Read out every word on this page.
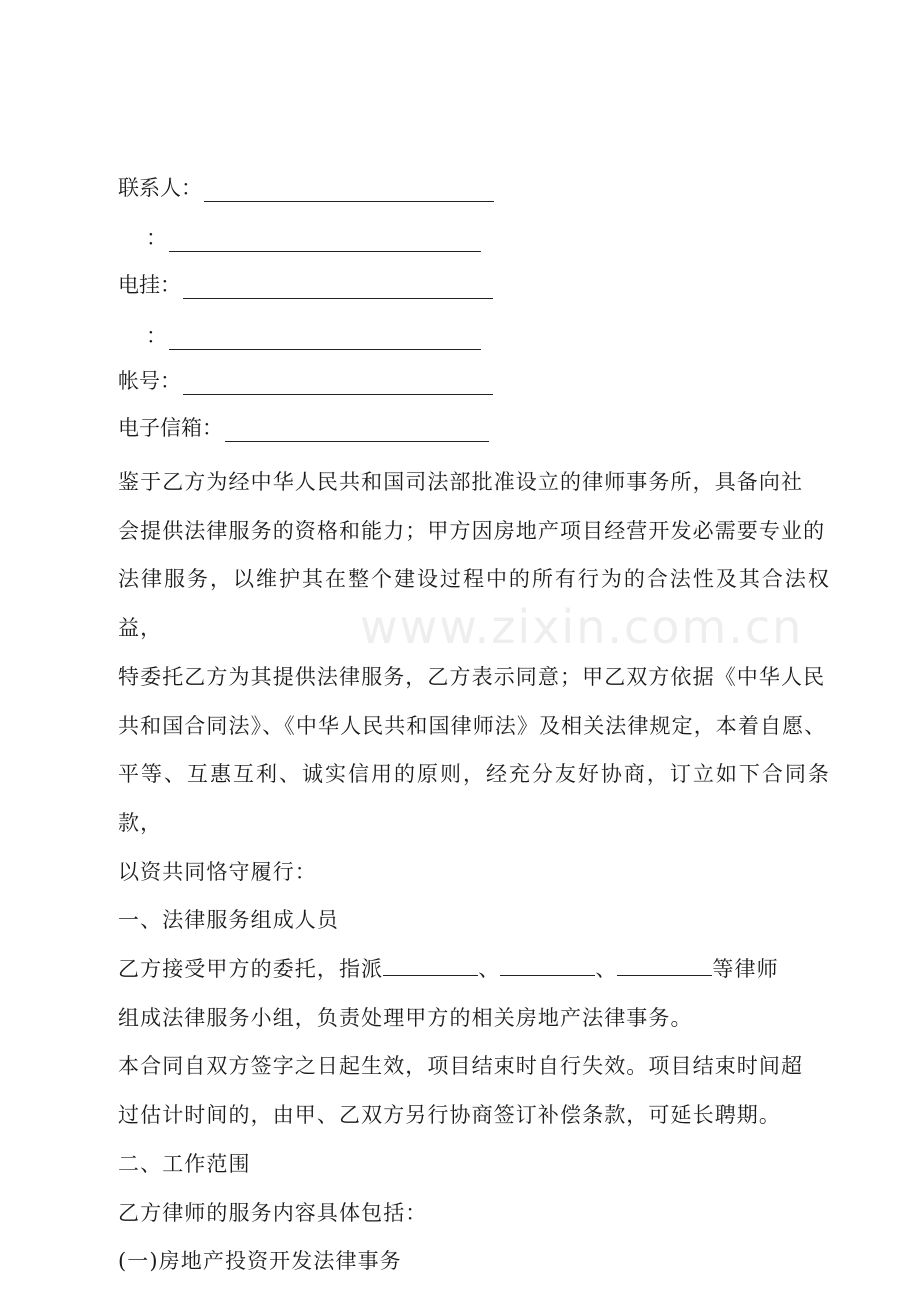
联系人：
：
电挂：
：
帐号：
电子信箱：
鉴于乙方为经中华人民共和国司法部批准设立的律师事务所，具备向社
会提供法律服务的资格和能力；甲方因房地产项目经营开发必需要专业的
法律服务，以维护其在整个建设过程中的所有行为的合法性及其合法权益，
特委托乙方为其提供法律服务，乙方表示同意；甲乙双方依据《中华人民
共和国合同法》、《中华人民共和国律师法》及相关法律规定，本着自愿、
平等、互惠互利、诚实信用的原则，经充分友好协商，订立如下合同条款，
以资共同恪守履行：
一、法律服务组成人员
乙方接受甲方的委托，指派	、	、	等律师
组成法律服务小组，负责处理甲方的相关房地产法律事务。
本合同自双方签字之日起生效，项目结束时自行失效。项目结束时间超
过估计时间的，由甲、乙双方另行协商签订补偿条款，可延长聘期。
二、工作范围
乙方律师的服务内容具体包括：
(一)房地产投资开发法律事务
www.zixin.com.cn
